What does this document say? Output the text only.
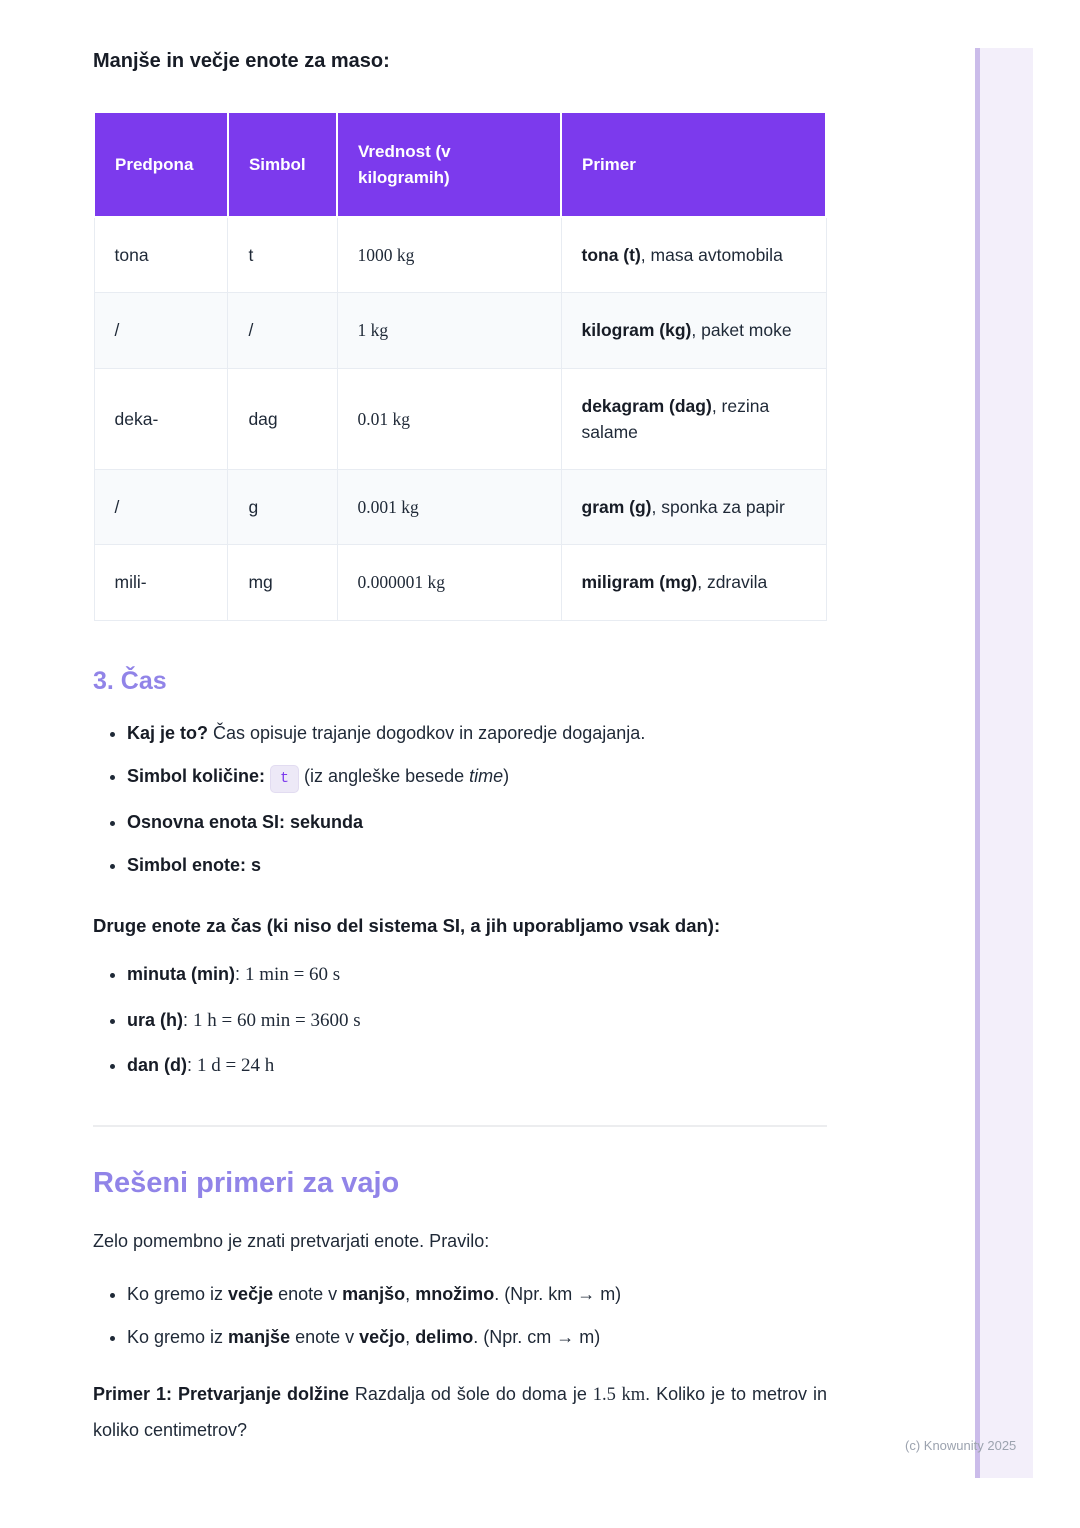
Manjše in večje enote za maso:

Predpona	Simbol	Vrednost (v kilogramih)	Primer
tona	t	1000 kg	tona (t), masa avtomobila
/	/	1 kg	kilogram (kg), paket moke
deka-	dag	0.01 kg	dekagram (dag), rezina salame
/	g	0.001 kg	gram (g), sponka za papir
mili-	mg	0.000001 kg	miligram (mg), zdravila
3. Čas
• Kaj je to? Čas opisuje trajanje dogodkov in zaporedje dogajanja.
• Simbol količine: t (iz angleške besede time)
• Osnovna enota SI: sekunda
• Simbol enote: s

Druge enote za čas (ki niso del sistema SI, a jih uporabljamo vsak dan):

• minuta (min): 1 min = 60 s
• ura (h): 1 h = 60 min = 3600 s
• dan (d): 1 d = 24 h
Rešeni primeri za vajo

Zelo pomembno je znati pretvarjati enote. Pravilo:

• Ko gremo iz večje enote v manjšo, množimo. (Npr. km → m)
• Ko gremo iz manjše enote v večjo, delimo. (Npr. cm → m)

Primer 1: Pretvarjanje dolžine Razdalja od šole do doma je 1.5 km. Koliko je to metrov in koliko centimetrov?

(c) Knowunity 2025
